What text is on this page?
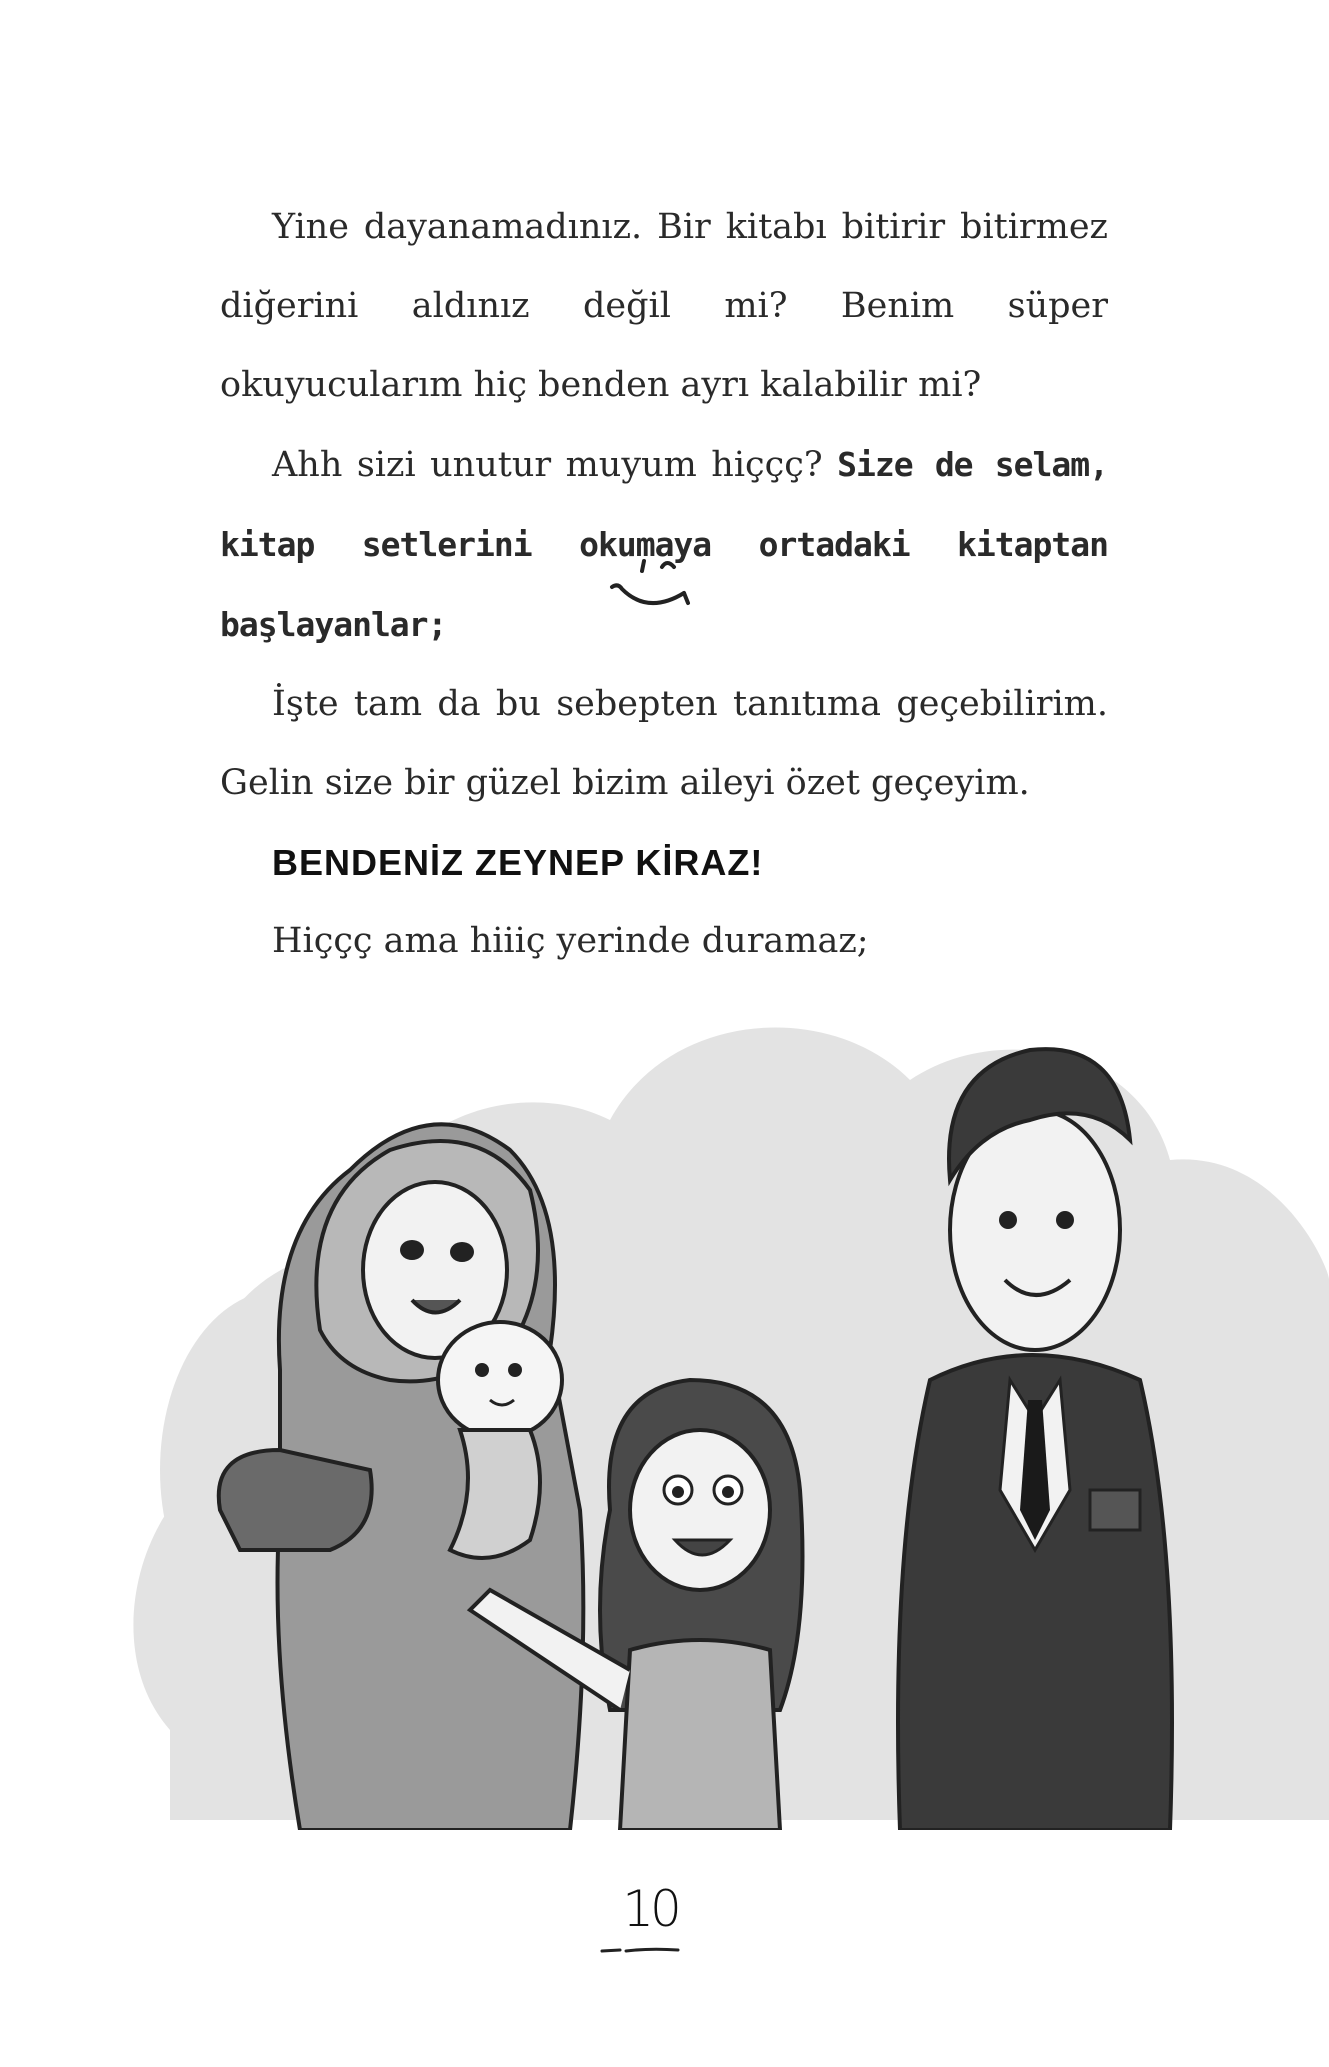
Yine dayanamadınız. Bir kitabı bitirir bitirmez diğerini aldınız değil mi? Benim süper okuyucularım hiç benden ayrı kalabilir mi?

Ahh sizi unutur muyum hiççç? Size de selam, kitap setlerini okumaya ortadaki kitaptan başlayanlar;

İşte tam da bu sebepten tanıtıma geçebilirim. Gelin size bir güzel bizim aileyi özet geçeyim.

BENDENİZ ZEYNEP KİRAZ!

Hiççç ama hiiiç yerinde duramaz;

10
